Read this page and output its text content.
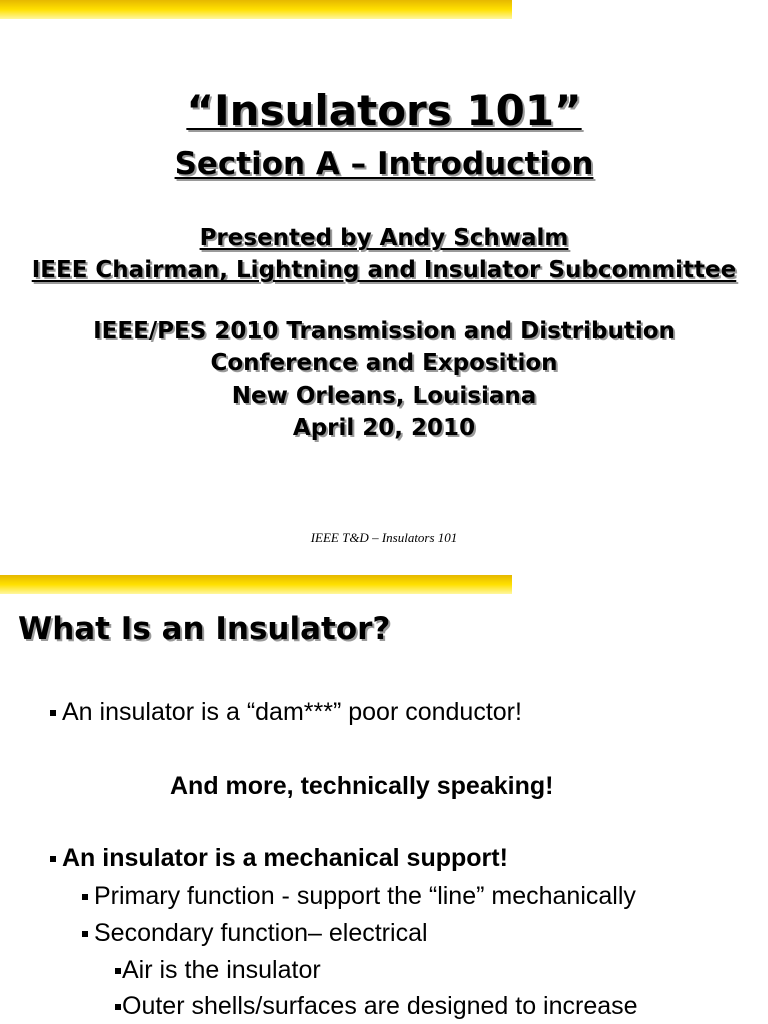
“Insulators 101”
Section A – Introduction
Presented by Andy Schwalm
IEEE Chairman, Lightning and Insulator Subcommittee
IEEE/PES 2010 Transmission and Distribution
Conference and Exposition
New Orleans, Louisiana
April 20, 2010
IEEE T&D – Insulators 101
What Is an Insulator?
An insulator is a “dam***” poor conductor!
And more, technically speaking!
An insulator is a mechanical support!
Primary function - support the “line” mechanically
Secondary function– electrical
Air is the insulator
Outer shells/surfaces are designed to increase
